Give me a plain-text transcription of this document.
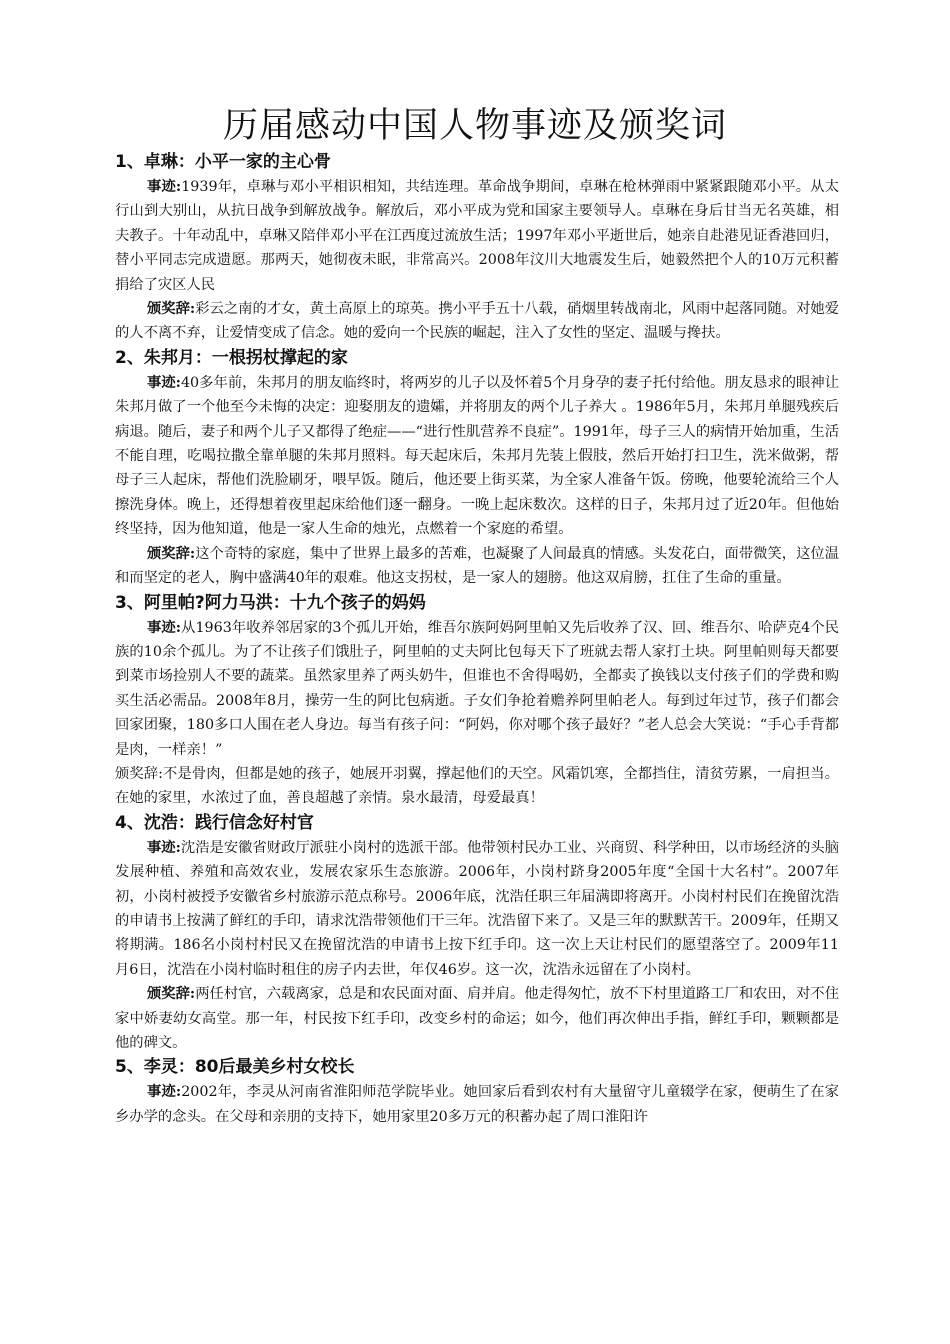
历届感动中国人物事迹及颁奖词

1、卓琳：小平一家的主心骨

事迹:1939年，卓琳与邓小平相识相知，共结连理。革命战争期间，卓琳在枪林弹雨中紧紧跟随邓小平。从太行山到大别山，从抗日战争到解放战争。解放后，邓小平成为党和国家主要领导人。卓琳在身后甘当无名英雄，相夫教子。十年动乱中，卓琳又陪伴邓小平在江西度过流放生活；1997年邓小平逝世后，她亲自赴港见证香港回归，替小平同志完成遗愿。那两天，她彻夜未眠，非常高兴。2008年汶川大地震发生后，她毅然把个人的10万元积蓄捐给了灾区人民

颁奖辞:彩云之南的才女，黄土高原上的琼英。携小平手五十八载，硝烟里转战南北，风雨中起落同随。对她爱的人不离不弃，让爱情变成了信念。她的爱向一个民族的崛起，注入了女性的坚定、温暖与搀扶。

2、朱邦月：一根拐杖撑起的家

事迹:40多年前，朱邦月的朋友临终时，将两岁的儿子以及怀着5个月身孕的妻子托付给他。朋友恳求的眼神让朱邦月做了一个他至今未悔的决定：迎娶朋友的遗孀，并将朋友的两个儿子养大 。1986年5月，朱邦月单腿残疾后病退。随后，妻子和两个儿子又都得了绝症——“进行性肌营养不良症”。1991年，母子三人的病情开始加重，生活不能自理，吃喝拉撒全靠单腿的朱邦月照料。每天起床后，朱邦月先装上假肢，然后开始打扫卫生，洗米做粥，帮母子三人起床，帮他们洗脸刷牙，喂早饭。随后，他还要上街买菜，为全家人准备午饭。傍晚，他要轮流给三个人擦洗身体。晚上，还得想着夜里起床给他们逐一翻身。一晚上起床数次。这样的日子，朱邦月过了近20年。但他始终坚持，因为他知道，他是一家人生命的烛光，点燃着一个家庭的希望。

颁奖辞:这个奇特的家庭，集中了世界上最多的苦难，也凝聚了人间最真的情感。头发花白，面带微笑，这位温和而坚定的老人，胸中盛满40年的艰难。他这支拐杖，是一家人的翅膀。他这双肩膀，扛住了生命的重量。

3、阿里帕?阿力马洪：十九个孩子的妈妈

事迹:从1963年收养邻居家的3个孤儿开始，维吾尔族阿妈阿里帕又先后收养了汉、回、维吾尔、哈萨克4个民族的10余个孤儿。为了不让孩子们饿肚子，阿里帕的丈夫阿比包每天下了班就去帮人家打土块。阿里帕则每天都要到菜市场捡别人不要的蔬菜。虽然家里养了两头奶牛，但谁也不舍得喝奶，全都卖了换钱以支付孩子们的学费和购买生活必需品。2008年8月，操劳一生的阿比包病逝。子女们争抢着赡养阿里帕老人。每到过年过节，孩子们都会回家团聚，180多口人围在老人身边。每当有孩子问：“阿妈，你对哪个孩子最好？”老人总会大笑说：“手心手背都是肉，一样亲！”

颁奖辞:不是骨肉，但都是她的孩子，她展开羽翼，撑起他们的天空。风霜饥寒，全都挡住，清贫劳累，一肩担当。在她的家里，水浓过了血，善良超越了亲情。泉水最清，母爱最真！

4、沈浩：践行信念好村官

事迹:沈浩是安徽省财政厅派驻小岗村的选派干部。他带领村民办工业、兴商贸、科学种田，以市场经济的头脑发展种植、养殖和高效农业，发展农家乐生态旅游。2006年，小岗村跻身2005年度“全国十大名村”。2007年初，小岗村被授予安徽省乡村旅游示范点称号。2006年底，沈浩任职三年届满即将离开。小岗村村民们在挽留沈浩的申请书上按满了鲜红的手印，请求沈浩带领他们干三年。沈浩留下来了。又是三年的默默苦干。2009年，任期又将期满。186名小岗村村民又在挽留沈浩的申请书上按下红手印。这一次上天让村民们的愿望落空了。2009年11月6日，沈浩在小岗村临时租住的房子内去世，年仅46岁。这一次，沈浩永远留在了小岗村。

颁奖辞:两任村官，六载离家，总是和农民面对面、肩并肩。他走得匆忙，放不下村里道路工厂和农田，对不住家中娇妻幼女高堂。那一年，村民按下红手印，改变乡村的命运；如今，他们再次伸出手指，鲜红手印，颗颗都是他的碑文。

5、李灵：80后最美乡村女校长

事迹:2002年，李灵从河南省淮阳师范学院毕业。她回家后看到农村有大量留守儿童辍学在家，便萌生了在家乡办学的念头。在父母和亲朋的支持下，她用家里20多万元的积蓄办起了周口淮阳许
